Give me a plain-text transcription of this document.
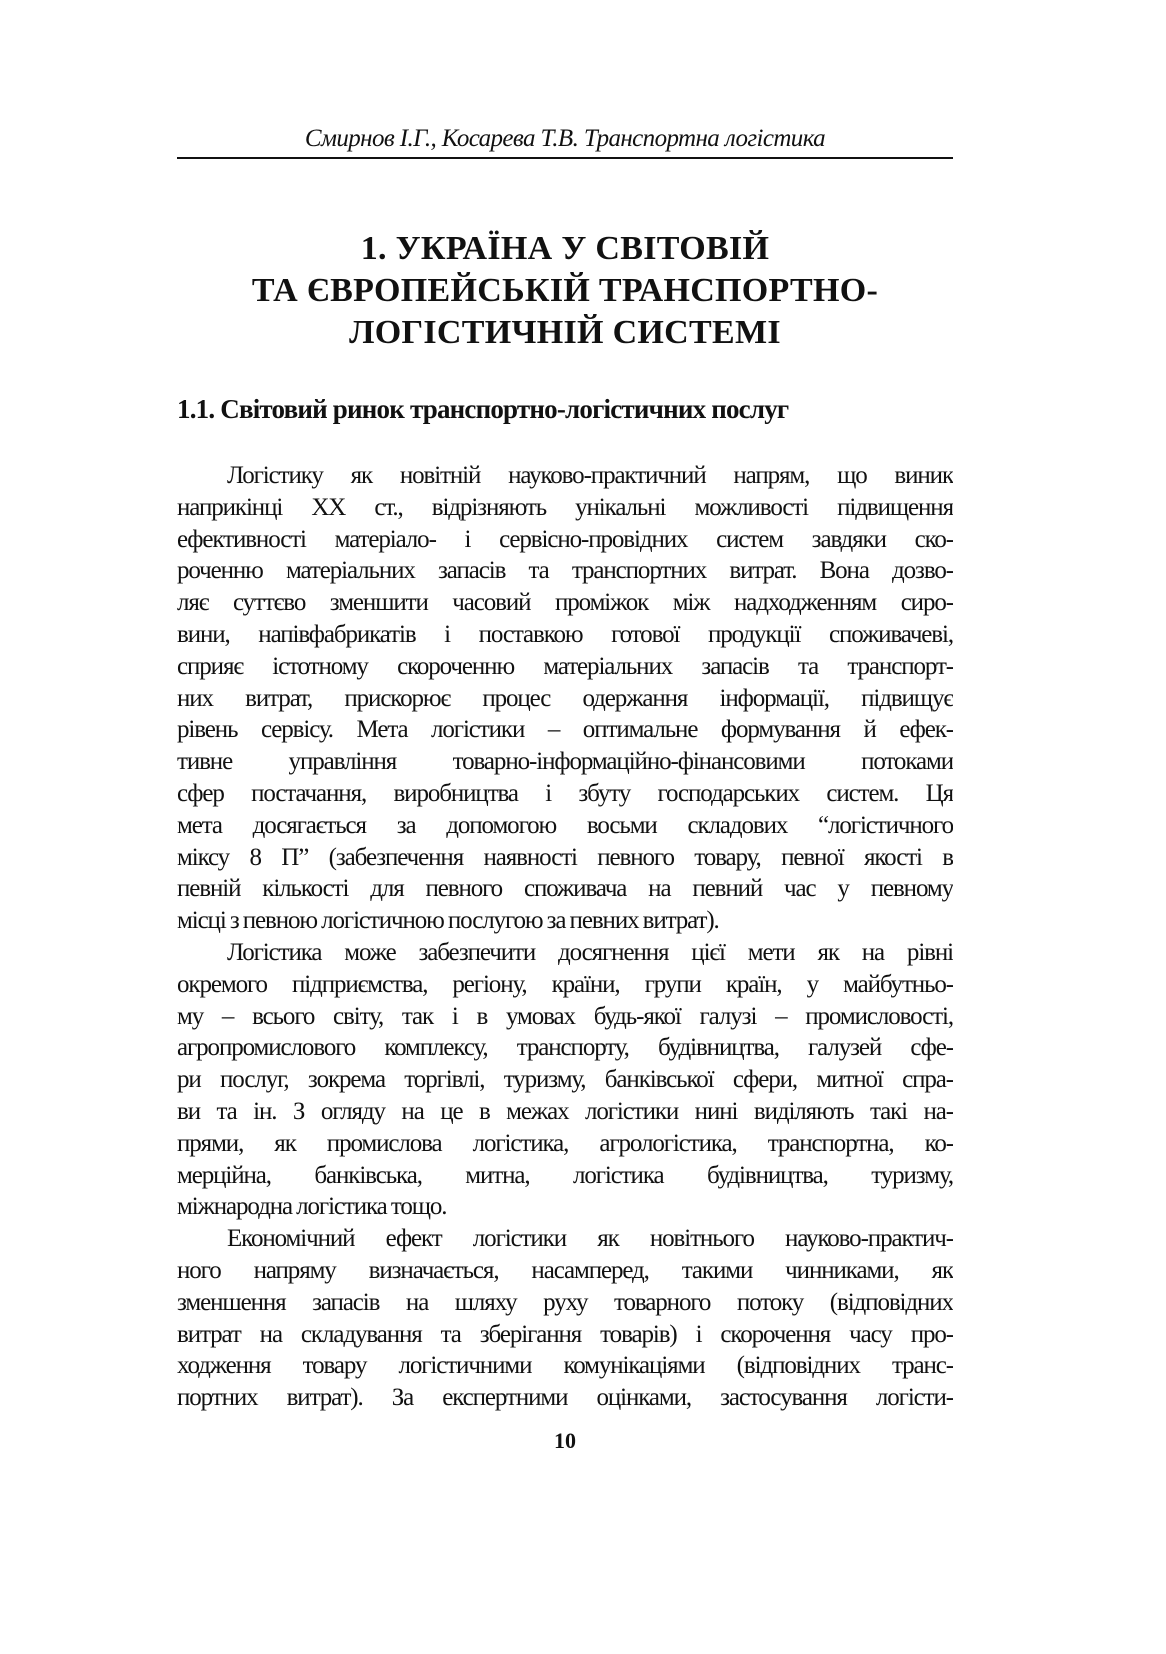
Смирнов І.Г., Косарева Т.В. Транспортна логістика
1. УКРАЇНА У СВІТОВІЙ
ТА ЄВРОПЕЙСЬКІЙ ТРАНСПОРТНО-
ЛОГІСТИЧНІЙ СИСТЕМІ
1.1. Світовий ринок транспортно-логістичних послуг
Логістику як новітній науково-практичний напрям, що виник
наприкінці XX ст., відрізняють унікальні можливості підвищення
ефективності матеріало- і сервісно-провідних систем завдяки ско-
роченню матеріальних запасів та транспортних витрат. Вона дозво-
ляє суттєво зменшити часовий проміжок між надходженням сиро-
вини, напівфабрикатів і поставкою готової продукції споживачеві,
сприяє істотному скороченню матеріальних запасів та транспорт-
них витрат, прискорює процес одержання інформації, підвищує
рівень сервісу. Мета логістики – оптимальне формування й ефек-
тивне управління товарно-інформаційно-фінансовими потоками
сфер постачання, виробництва і збуту господарських систем. Ця
мета досягається за допомогою восьми складових “логістичного
міксу 8 П” (забезпечення наявності певного товару, певної якості в
певній кількості для певного споживача на певний час у певному
місці з певною логістичною послугою за певних витрат).
Логістика може забезпечити досягнення цієї мети як на рівні
окремого підприємства, регіону, країни, групи країн, у майбутньо-
му – всього світу, так і в умовах будь-якої галузі – промисловості,
агропромислового комплексу, транспорту, будівництва, галузей сфе-
ри послуг, зокрема торгівлі, туризму, банківської сфери, митної спра-
ви та ін. З огляду на це в межах логістики нині виділяють такі на-
прями, як промислова логістика, агрологістика, транспортна, ко-
мерційна, банківська, митна, логістика будівництва, туризму,
міжнародна логістика тощо.
Економічний ефект логістики як новітнього науково-практич-
ного напряму визначається, насамперед, такими чинниками, як
зменшення запасів на шляху руху товарного потоку (відповідних
витрат на складування та зберігання товарів) і скорочення часу про-
ходження товару логістичними комунікаціями (відповідних транс-
портних витрат). За експертними оцінками, застосування логісти-
10
